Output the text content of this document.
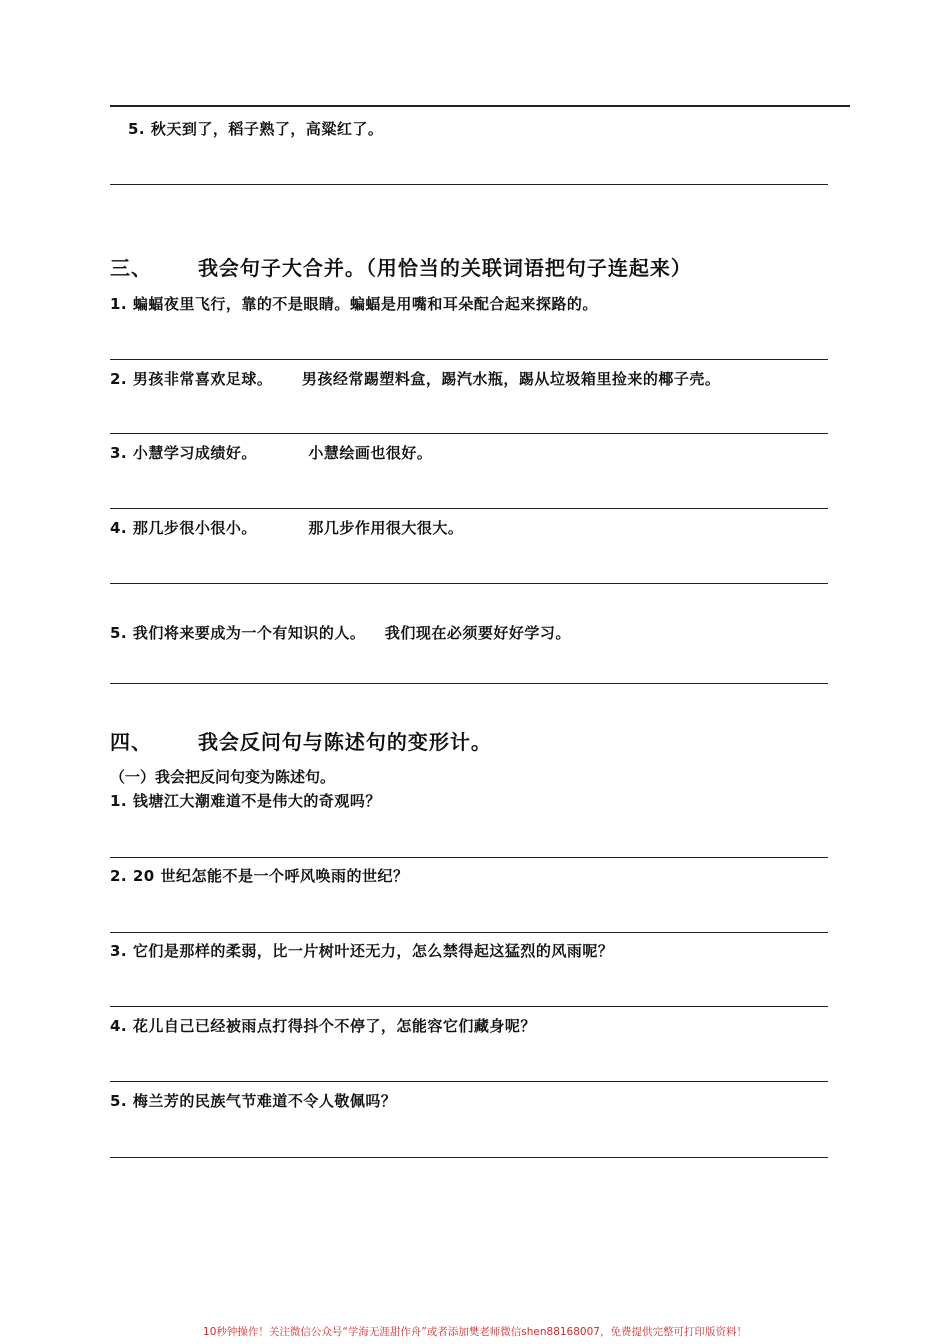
5. 秋天到了，稻子熟了，高粱红了。
三、 我会句子大合并。（用恰当的关联词语把句子连起来）
1. 蝙蝠夜里飞行，靠的不是眼睛。蝙蝠是用嘴和耳朵配合起来探路的。
2. 男孩非常喜欢足球。 男孩经常踢塑料盒，踢汽水瓶，踢从垃圾箱里捡来的椰子壳。
3. 小慧学习成绩好。	小慧绘画也很好。
4. 那几步很小很小。	那几步作用很大很大。
5. 我们将来要成为一个有知识的人。 我们现在必须要好好学习。
四、 我会反问句与陈述句的变形计。
（一）我会把反问句变为陈述句。
1. 钱塘江大潮难道不是伟大的奇观吗？
2. 20 世纪怎能不是一个呼风唤雨的世纪？
3. 它们是那样的柔弱，比一片树叶还无力，怎么禁得起这猛烈的风雨呢？
4. 花儿自己已经被雨点打得抖个不停了，怎能容它们藏身呢？
5. 梅兰芳的民族气节难道不令人敬佩吗？
10秒钟操作！关注微信公众号“学海无涯甜作舟”或者添加樊老师微信shen88168007，免费提供完整可打印版资料！
